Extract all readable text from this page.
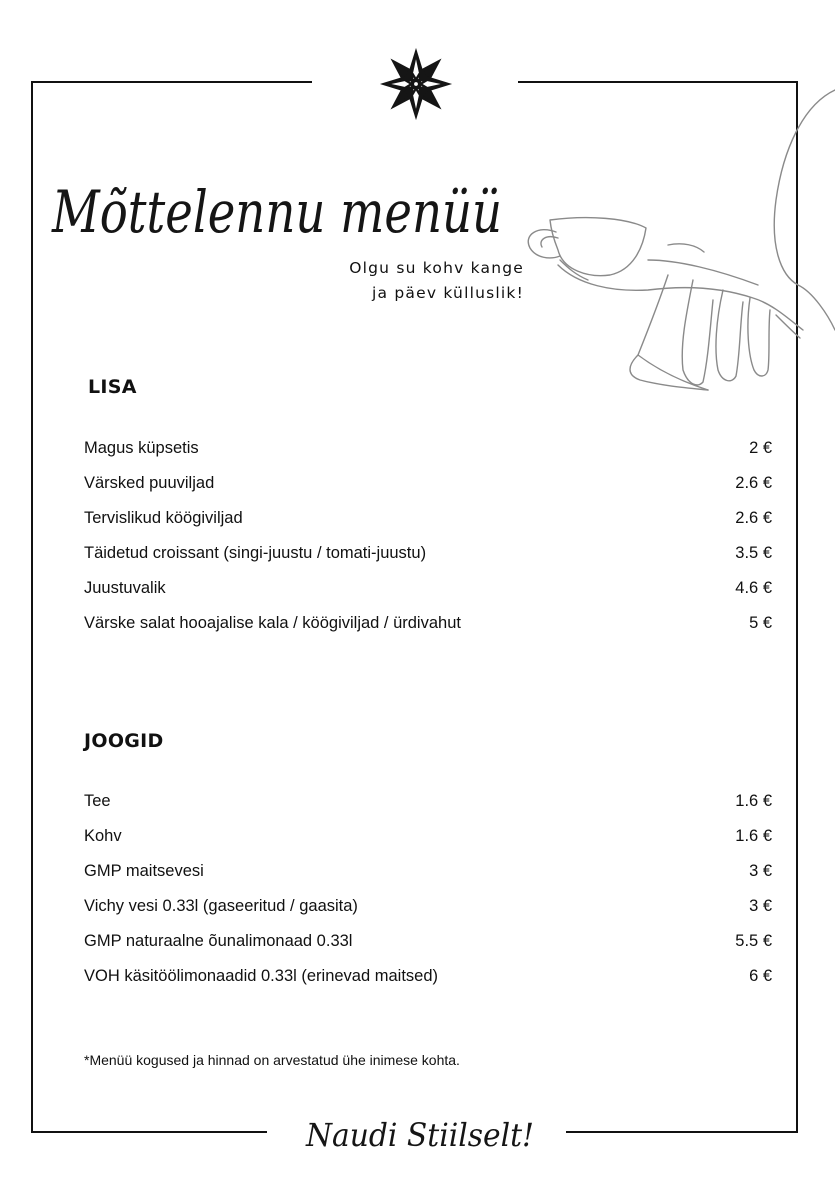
Mõttelennu menüü
Olgu su kohv kange
ja päev külluslik!
LISA
Magus küpsetis	2 €
Värsked puuviljad	2.6 €
Tervislikud köögiviljad	2.6 €
Täidetud croissant (singi-juustu / tomati-juustu)	3.5 €
Juustuvalik	4.6 €
Värske salat hooajalise kala / köögiviljad / ürdivahut	5 €
JOOGID
Tee	1.6 €
Kohv	1.6 €
GMP maitsevesi	3 €
Vichy vesi 0.33l (gaseeritud / gaasita)	3 €
GMP naturaalne õunalimonaad 0.33l	5.5 €
VOH käsitöölimonaadid 0.33l (erinevad maitsed)	6 €
*Menüü kogused ja hinnad on arvestatud ühe inimese kohta.
Naudi Stiilselt!
